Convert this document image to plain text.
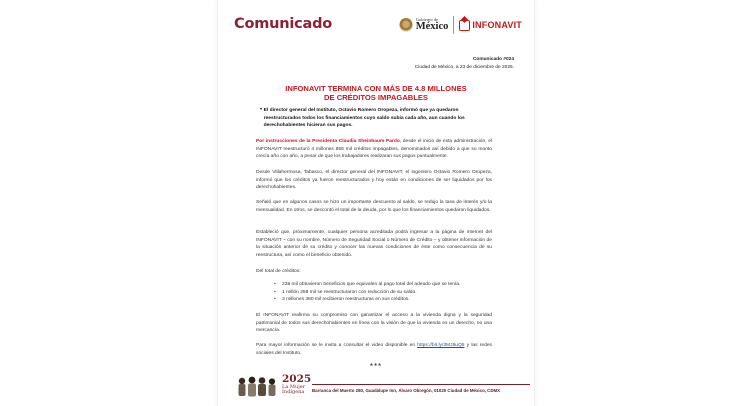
Comunicado	Gobierno de
México	INFONAVIT
Comunicado #024
Ciudad de México, a 23 de diciembre de 2025.
INFONAVIT TERMINA CON MÁS DE 4.8 MILLONES
DE CRÉDITOS IMPAGABLES
• El director general del Instituto, Octavio Romero Oropeza, informó que ya quedaron reestructurados todos los financiamientos cuyo saldo subía cada año, aun cuando los derechohabientes hicieran sus pagos.
Por instrucciones de la Presidenta Claudia Sheinbaum Pardo, desde el inicio de esta administración, el INFONAVIT reestructuró 4 millones 856 mil créditos impagables, denominados así debido a que su monto crecía año con año, a pesar de que los trabajadores realizaran sus pagos puntualmente.
Desde Villahermosa, Tabasco, el director general del INFONAVIT, el ingeniero Octavio Romero Oropeza, informó que los créditos ya fueron reestructurados y hoy están en condiciones de ser liquidados por los derechohabientes.
Señaló que en algunos casos se hizo un importante descuento al saldo, se redujo la tasa de interés y/o la mensualidad. En otros, se descontó el total de la deuda, por lo que los financiamientos quedaron liquidados.
Estableció que, próximamente, cualquier persona acreditada podrá ingresar a la página de internet del INFONAVIT – con su nombre, Número de Seguridad Social o Número de Crédito – y obtener información de la situación anterior de su crédito y conocer las nuevas condiciones de éste como consecuencia de su reestructura, así como el beneficio obtenido.
Del total de créditos:
•	238 mil obtuvieron beneficios que equivalen al pago total del adeudo que se tenía.
•	1 millón 258 mil se reestructuraron con reducción de su saldo.
•	3 millones 360 mil recibieron reestructuras en sus créditos.
El INFONAVIT reafirma su compromiso con garantizar el acceso a la vivienda digna y la seguridad patrimonial de todos sus derechohabientes en línea con la visión de que la vivienda es un derecho, no una mercancía.
Para mayor información se le invita a consultar el video disponible en https://bit.ly/3MJ5uQ5 y las redes sociales del Instituto.
***
2025
La Mujer
Indígena	Barranca del Muerto 280, Guadalupe Inn, Álvaro Obregón, 01020 Ciudad de México, CDMX
